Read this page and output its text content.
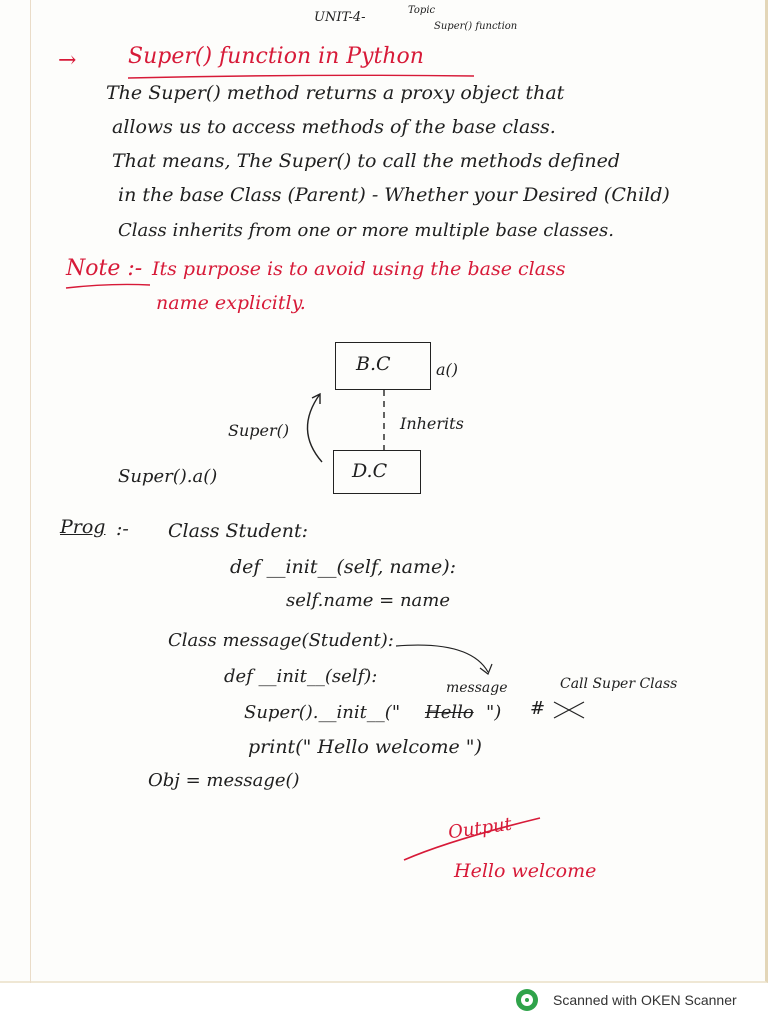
UNIT-4-	Topic
Super() function
→ Super() function in Python
The Super() method returns a proxy object that
allows us to access methods of the base class.
That means, The Super() to call the methods defined
in the base Class (Parent) - Whether your Desired (Child)
Class inherits from one or more multiple base classes.
Note :- Its purpose is to avoid using the base class
name explicitly.
B.C	a()
Inherits
Super()
D.C
Super().a()
Prog :- Class Student:
def __init__(self, name):
self.name = name
Class message(Student):
def __init__(self):
message	Call Super Class
Super().__init__(" Hello ") #
print(" Hello welcome ")
Obj = message()
Output
Hello welcome
Scanned with OKEN Scanner
